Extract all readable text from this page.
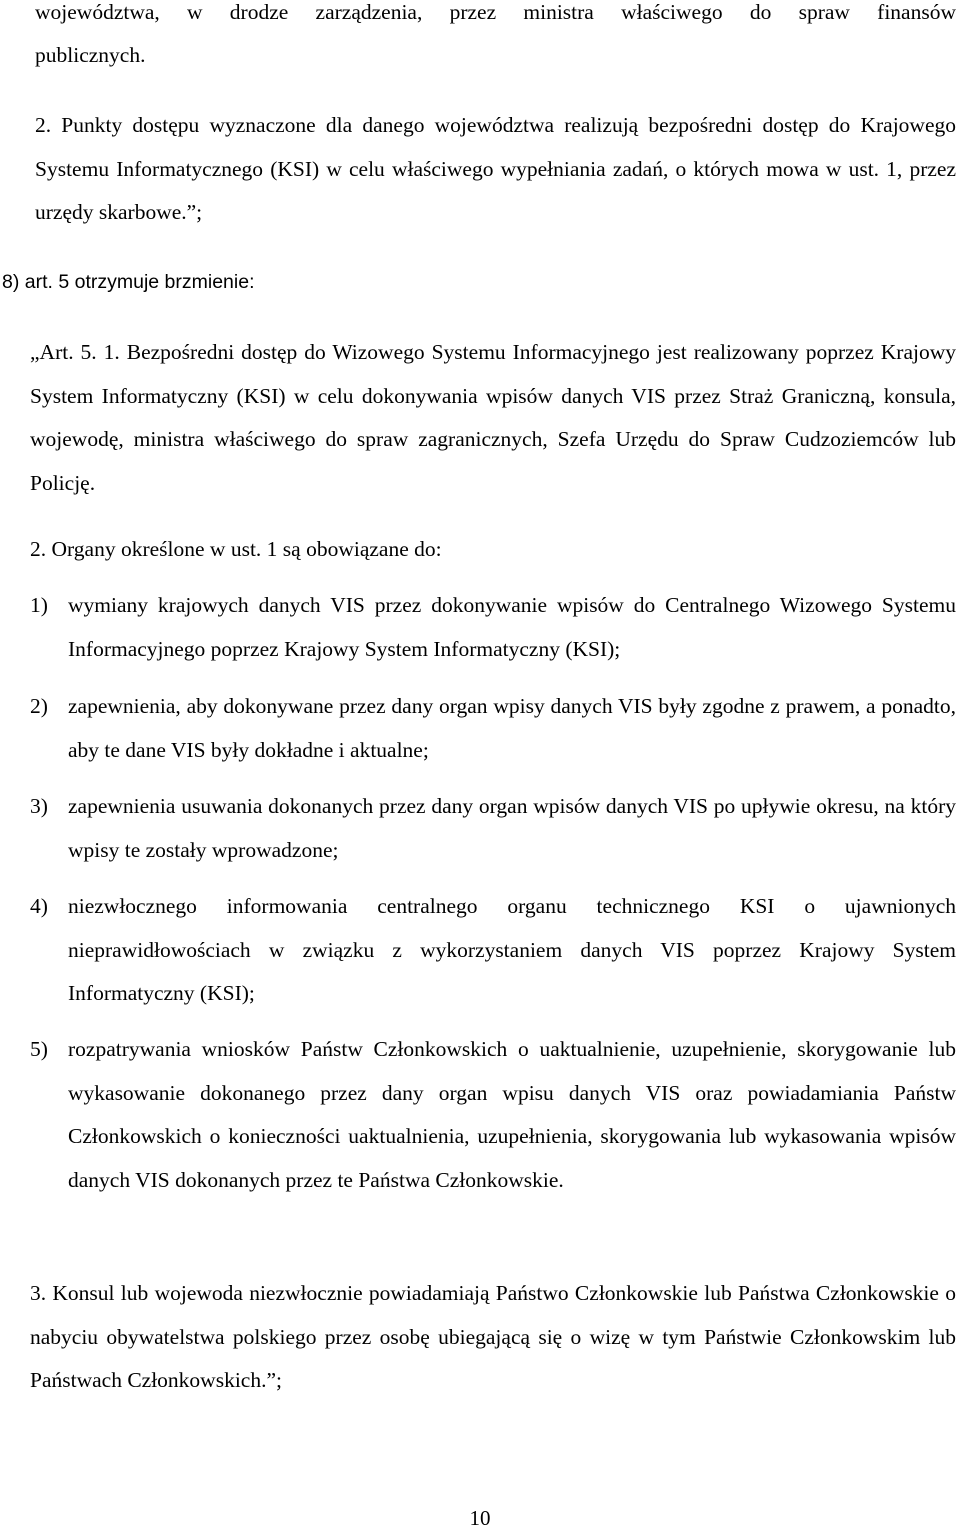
województwa, w drodze zarządzenia, przez ministra właściwego do spraw finansów

publicznych.

2. Punkty dostępu wyznaczone dla danego województwa realizują bezpośredni dostęp do Krajowego Systemu Informatycznego (KSI) w celu właściwego wypełniania zadań, o których mowa w ust. 1, przez urzędy skarbowe.”;

8) art. 5 otrzymuje brzmienie:

„Art. 5. 1. Bezpośredni dostęp do Wizowego Systemu Informacyjnego jest realizowany poprzez Krajowy System Informatyczny (KSI) w celu dokonywania wpisów danych VIS przez Straż Graniczną, konsula, wojewodę, ministra właściwego do spraw zagranicznych, Szefa Urzędu do Spraw Cudzoziemców lub Policję.

2. Organy określone w ust. 1 są obowiązane do:

1) wymiany krajowych danych VIS przez dokonywanie wpisów do Centralnego Wizowego Systemu Informacyjnego poprzez Krajowy System Informatyczny (KSI);
2) zapewnienia, aby dokonywane przez dany organ wpisy danych VIS były zgodne z prawem, a ponadto, aby te dane VIS były dokładne i aktualne;
3) zapewnienia usuwania dokonanych przez dany organ wpisów danych VIS po upływie okresu, na który wpisy te zostały wprowadzone;
4) niezwłocznego informowania centralnego organu technicznego KSI o ujawnionych nieprawidłowościach w związku z wykorzystaniem danych VIS poprzez Krajowy System Informatyczny (KSI);
5) rozpatrywania wniosków Państw Członkowskich o uaktualnienie, uzupełnienie, skorygowanie lub wykasowanie dokonanego przez dany organ wpisu danych VIS oraz powiadamiania Państw Członkowskich o konieczności uaktualnienia, uzupełnienia, skorygowania lub wykasowania wpisów danych VIS dokonanych przez te Państwa Członkowskie.

3. Konsul lub wojewoda niezwłocznie powiadamiają Państwo Członkowskie lub Państwa Członkowskie o nabyciu obywatelstwa polskiego przez osobę ubiegającą się o wizę w tym Państwie Członkowskim lub Państwach Członkowskich.”;

10
